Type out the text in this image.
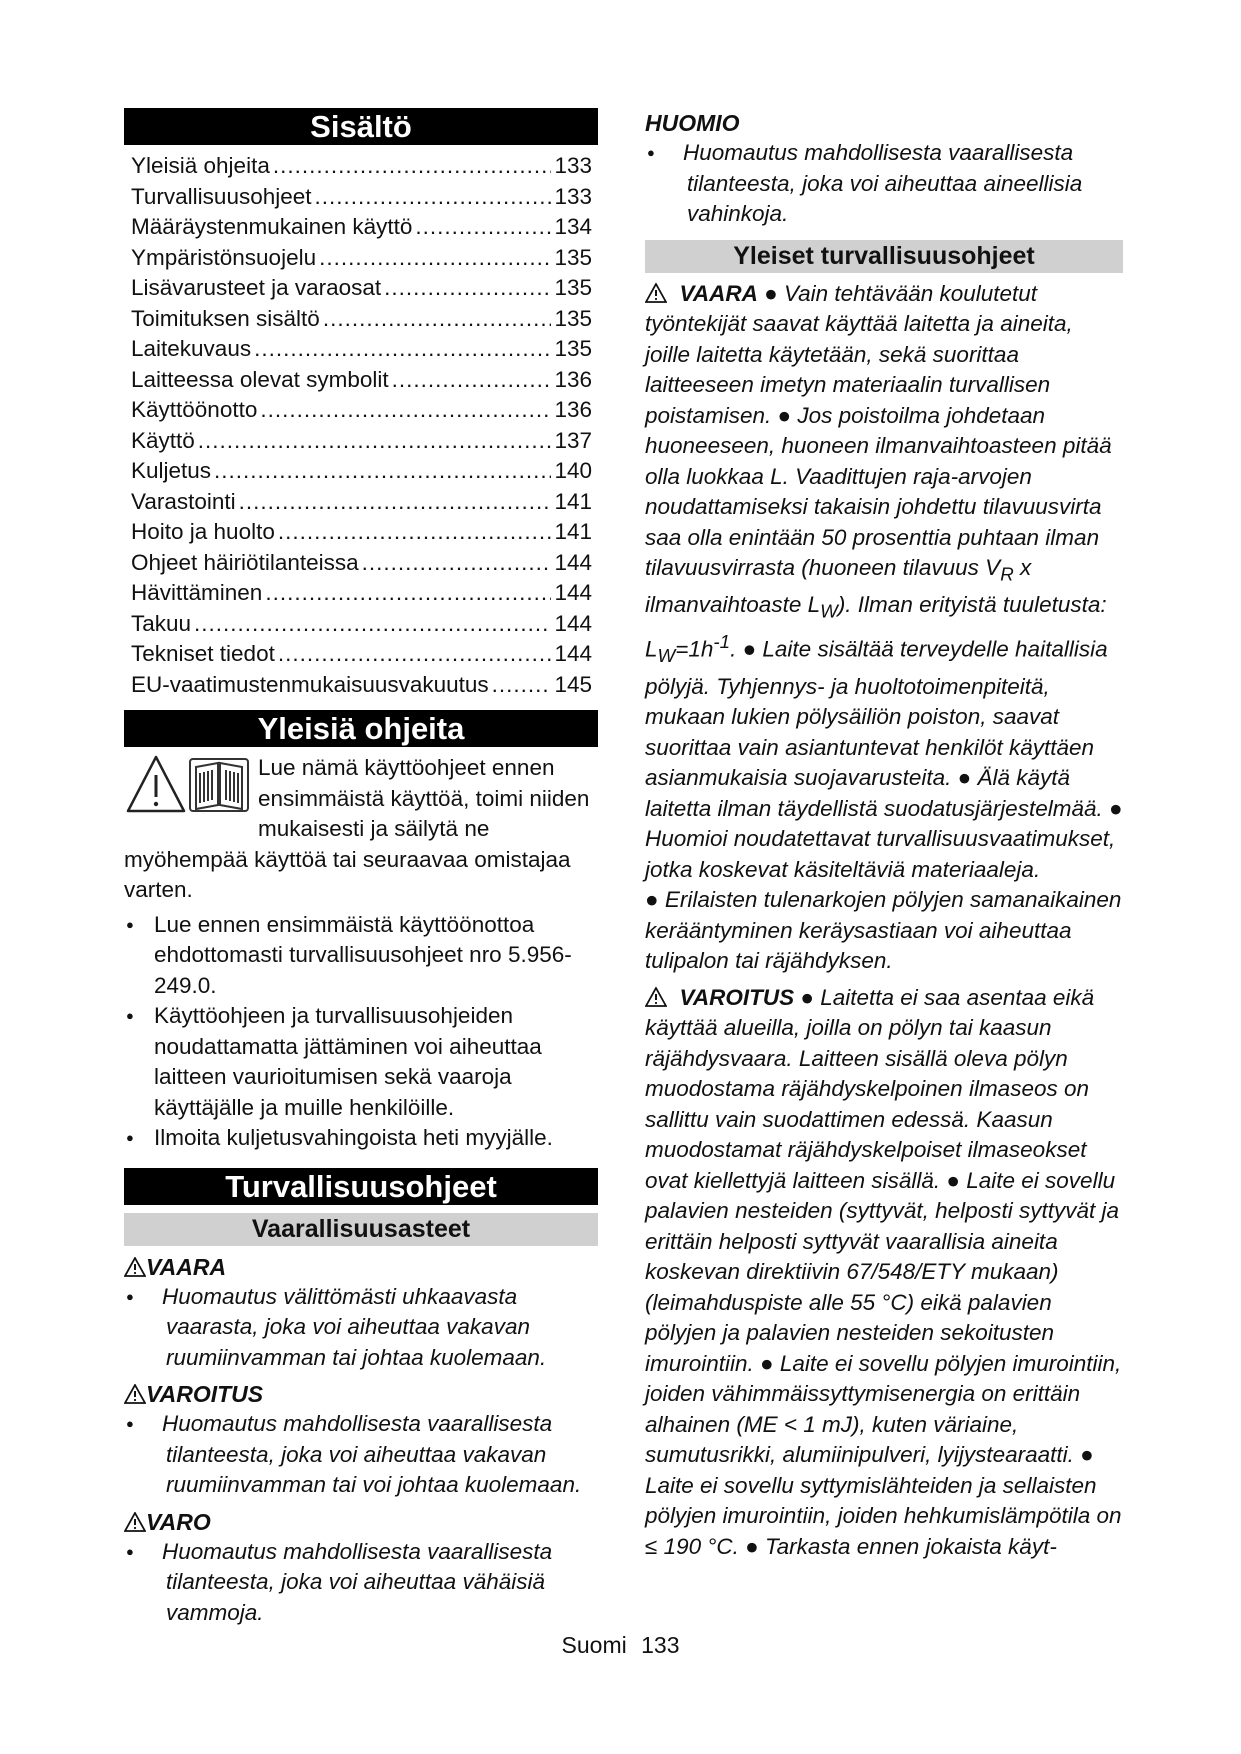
Sisältö
Yleisiä ohjeita .....	133
Turvallisuusohjeet .....	133
Määräystenmukainen käyttö .....	134
Ympäristönsuojelu .....	135
Lisävarusteet ja varaosat .....	135
Toimituksen sisältö .....	135
Laitekuvaus .....	135
Laitteessa olevat symbolit .....	136
Käyttöönotto .....	136
Käyttö .....	137
Kuljetus .....	140
Varastointi .....	141
Hoito ja huolto .....	141
Ohjeet häiriötilanteissa .....	144
Hävittäminen .....	144
Takuu .....	144
Tekniset tiedot .....	144
EU-vaatimustenmukaisuusvakuutus .....	145
Yleisiä ohjeita

Lue nämä käyttöohjeet ennen ensimmäistä käyttöä, toimi niiden mukaisesti ja säilytä ne myöhempää käyttöä tai seuraavaa omistajaa varten.

● Lue ennen ensimmäistä käyttöönottoa ehdottomasti turvallisuusohjeet nro 5.956-249.0.
● Käyttöohjeen ja turvallisuusohjeiden noudattamatta jättäminen voi aiheuttaa laitteen vaurioitumisen sekä vaaroja käyttäjälle ja muille henkilöille.
● Ilmoita kuljetusvahingoista heti myyjälle.
Turvallisuusohjeet
Vaarallisuusasteet
VAARA
● Huomautus välittömästi uhkaavasta vaarasta, joka voi aiheuttaa vakavan ruumiinvamman tai johtaa kuolemaan.
VAROITUS
● Huomautus mahdollisesta vaarallisesta tilanteesta, joka voi aiheuttaa vakavan ruumiinvamman tai voi johtaa kuolemaan.
VARO
● Huomautus mahdollisesta vaarallisesta tilanteesta, joka voi aiheuttaa vähäisiä vammoja.
HUOMIO
● Huomautus mahdollisesta vaarallisesta tilanteesta, joka voi aiheuttaa aineellisia vahinkoja.
Yleiset turvallisuusohjeet

VAARA ● Vain tehtävään koulutetut työntekijät saavat käyttää laitetta ja aineita, joille laitetta käytetään, sekä suorittaa laitteeseen imetyn materiaalin turvallisen poistamisen. ● Jos poistoilma johdetaan huoneeseen, huoneen ilmanvaihtoasteen pitää olla luokkaa L. Vaadittujen raja-arvojen noudattamiseksi takaisin johdettu tilavuusvirta saa olla enintään 50 prosenttia puhtaan ilman tilavuusvirrasta (huoneen tilavuus $V_R$ x ilmanvaihtoaste $L_W$). Ilman erityistä tuuletusta: $L_W=1h^{-1}$. ● Laite sisältää terveydelle haitallisia pölyjä. Tyhjennys- ja huoltotoimenpiteitä, mukaan lukien pölysäiliön poiston, saavat suorittaa vain asiantuntevat henkilöt käyttäen asianmukaisia suojavarusteita. ● Älä käytä laitetta ilman täydellistä suodatusjärjestelmää. ● Huomioi noudatettavat turvallisuusvaatimukset, jotka koskevat käsiteltäviä materiaaleja.

● Erilaisten tulenarkojen pölyjen samanaikainen kerääntyminen keräysastiaan voi aiheuttaa tulipalon tai räjähdyksen.

VAROITUS ● Laitetta ei saa asentaa eikä käyttää alueilla, joilla on pölyn tai kaasun räjähdysvaara. Laitteen sisällä oleva pölyn muodostama räjähdyskelpoinen ilmaseos on sallittu vain suodattimen edessä. Kaasun muodostamat räjähdyskelpoiset ilmaseokset ovat kiellettyjä laitteen sisällä. ● Laite ei sovellu palavien nesteiden (syttyvät, helposti syttyvät ja erittäin helposti syttyvät vaarallisia aineita koskevan direktiivin 67/548/ETY mukaan) (leimahduspiste alle 55 °C) eikä palavien pölyjen ja palavien nesteiden sekoitusten imurointiin. ● Laite ei sovellu pölyjen imurointiin, joiden vähimmäissyttymisenergia on erittäin alhainen (ME < 1 mJ), kuten väriaine, sumutusrikki, alumiinipulveri, lyijystearaatti. ● Laite ei sovellu syttymislähteiden ja sellaisten pölyjen imurointiin, joiden hehkumislämpötila on ≤ 190 °C. ● Tarkasta ennen jokaista käyt-

Suomi 133
